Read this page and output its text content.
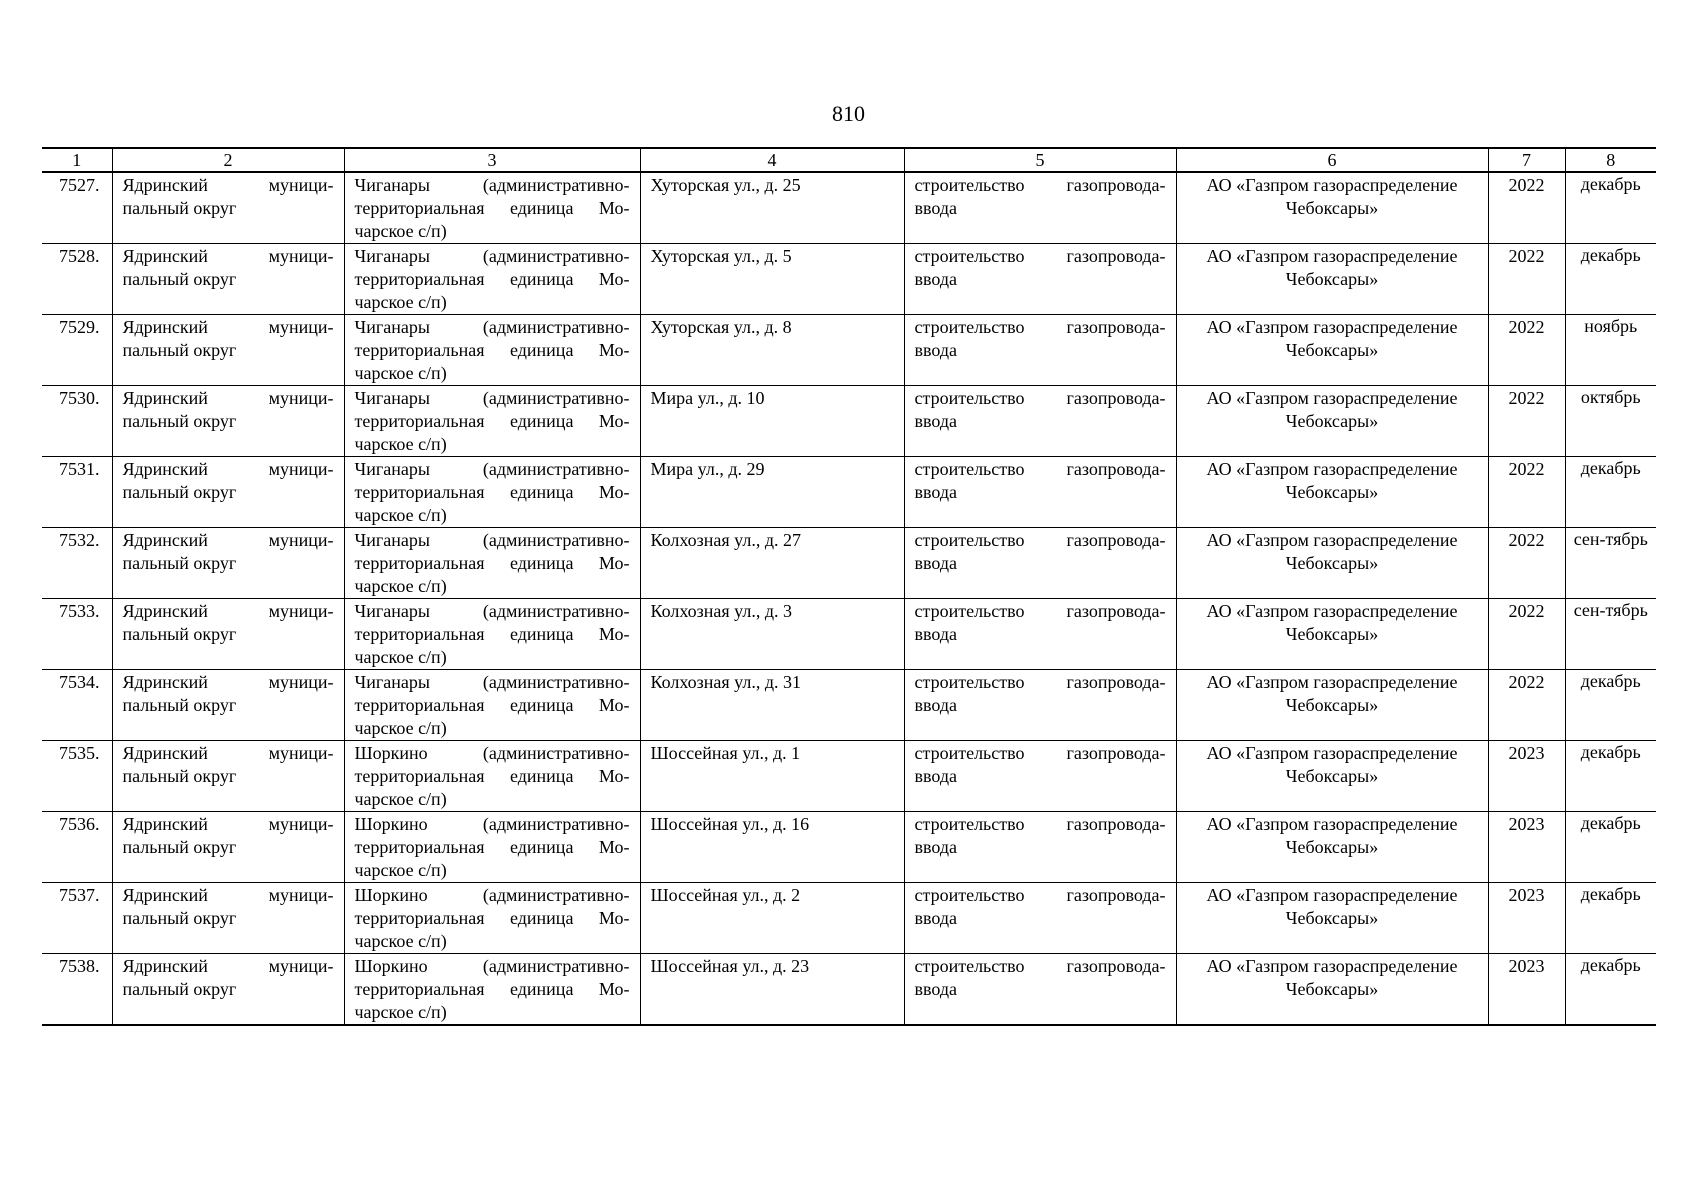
810
1	2	3	4	5	6	7	8
7527.	Ядринский муници-пальный округ	Чиганары (административно-территориальная единица Мо-чарское с/п)	Хуторская ул., д. 25	строительство газопровода-ввода	АО «Газпром газораспределение Чебоксары»	2022	декабрь
7528.	Ядринский муници-пальный округ	Чиганары (административно-территориальная единица Мо-чарское с/п)	Хуторская ул., д. 5	строительство газопровода-ввода	АО «Газпром газораспределение Чебоксары»	2022	декабрь
7529.	Ядринский муници-пальный округ	Чиганары (административно-территориальная единица Мо-чарское с/п)	Хуторская ул., д. 8	строительство газопровода-ввода	АО «Газпром газораспределение Чебоксары»	2022	ноябрь
7530.	Ядринский муници-пальный округ	Чиганары (административно-территориальная единица Мо-чарское с/п)	Мира ул., д. 10	строительство газопровода-ввода	АО «Газпром газораспределение Чебоксары»	2022	октябрь
7531.	Ядринский муници-пальный округ	Чиганары (административно-территориальная единица Мо-чарское с/п)	Мира ул., д. 29	строительство газопровода-ввода	АО «Газпром газораспределение Чебоксары»	2022	декабрь
7532.	Ядринский муници-пальный округ	Чиганары (административно-территориальная единица Мо-чарское с/п)	Колхозная ул., д. 27	строительство газопровода-ввода	АО «Газпром газораспределение Чебоксары»	2022	сен-тябрь
7533.	Ядринский муници-пальный округ	Чиганары (административно-территориальная единица Мо-чарское с/п)	Колхозная ул., д. 3	строительство газопровода-ввода	АО «Газпром газораспределение Чебоксары»	2022	сен-тябрь
7534.	Ядринский муници-пальный округ	Чиганары (административно-территориальная единица Мо-чарское с/п)	Колхозная ул., д. 31	строительство газопровода-ввода	АО «Газпром газораспределение Чебоксары»	2022	декабрь
7535.	Ядринский муници-пальный округ	Шоркино (административно-территориальная единица Мо-чарское с/п)	Шоссейная ул., д. 1	строительство газопровода-ввода	АО «Газпром газораспределение Чебоксары»	2023	декабрь
7536.	Ядринский муници-пальный округ	Шоркино (административно-территориальная единица Мо-чарское с/п)	Шоссейная ул., д. 16	строительство газопровода-ввода	АО «Газпром газораспределение Чебоксары»	2023	декабрь
7537.	Ядринский муници-пальный округ	Шоркино (административно-территориальная единица Мо-чарское с/п)	Шоссейная ул., д. 2	строительство газопровода-ввода	АО «Газпром газораспределение Чебоксары»	2023	декабрь
7538.	Ядринский муници-пальный округ	Шоркино (административно-территориальная единица Мо-чарское с/п)	Шоссейная ул., д. 23	строительство газопровода-ввода	АО «Газпром газораспределение Чебоксары»	2023	декабрь
